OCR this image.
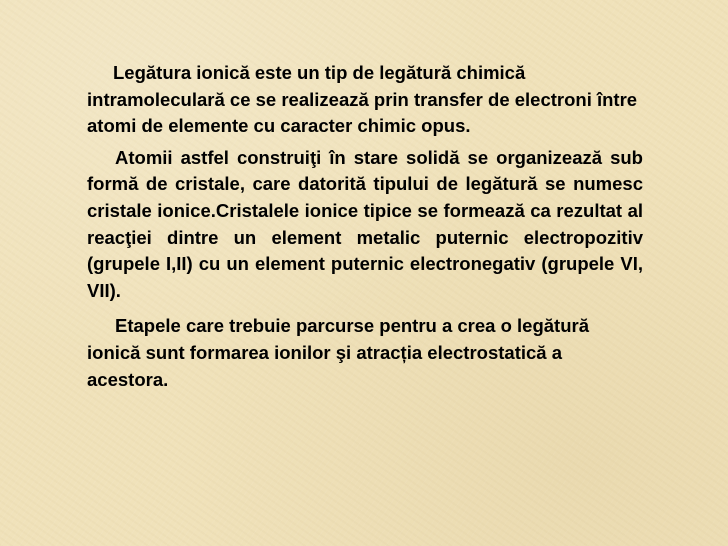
Legătura ionică este un tip de legătură chimică intramoleculară ce se realizează prin transfer de electroni între atomi de elemente cu caracter chimic opus.

Atomii astfel construiţi în stare solidă se organizează sub formă de cristale, care datorită tipului de legătură se numesc cristale ionice.Cristalele ionice tipice se formează ca rezultat al reacţiei dintre un element metalic puternic electropozitiv (grupele I,II) cu un element puternic electronegativ (grupele VI, VII).

Etapele care trebuie parcurse pentru a crea o legătură ionică sunt formarea ionilor şi atracția electrostatică a acestora.
